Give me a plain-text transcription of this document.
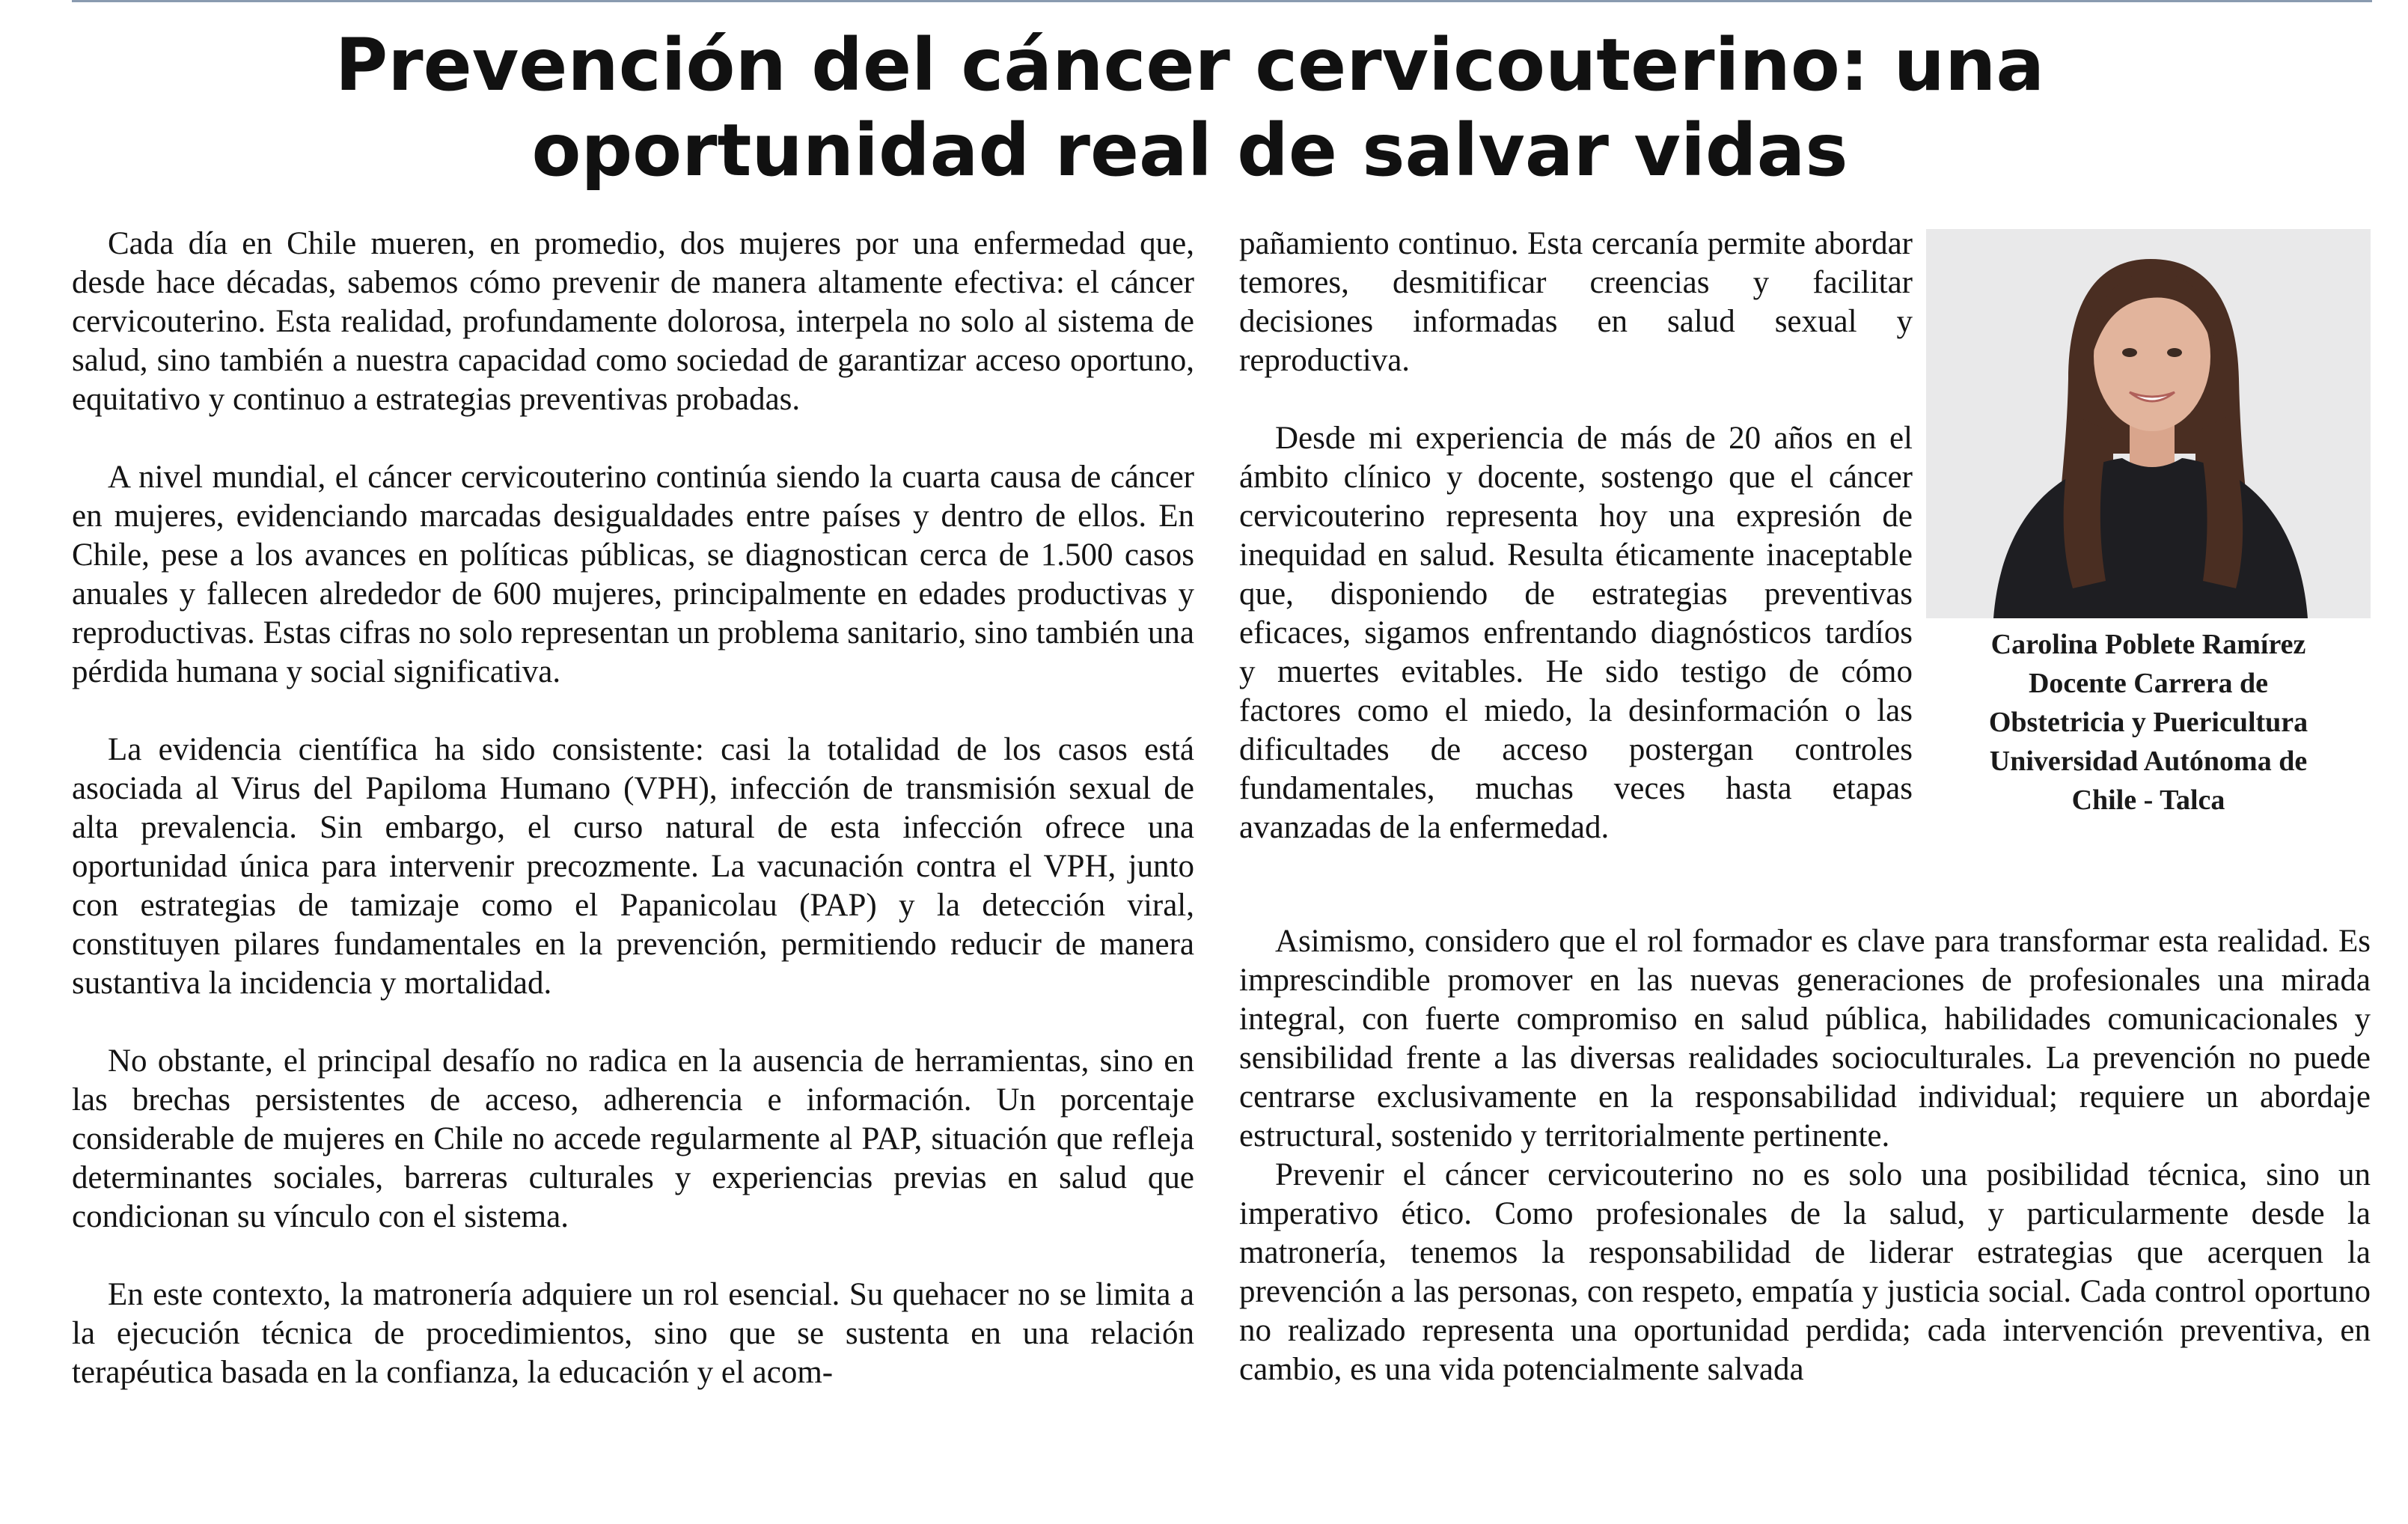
Prevención del cáncer cervicouterino: una
oportunidad real de salvar vidas

Cada día en Chile mueren, en promedio, dos mujeres por una enfermedad que, desde hace décadas, sabemos cómo prevenir de manera altamente efectiva: el cáncer cervicouterino. Esta realidad, profundamente dolorosa, interpela no solo al sistema de salud, sino también a nuestra capacidad como sociedad de garantizar acceso oportuno, equitativo y continuo a estrategias preventivas probadas.

A nivel mundial, el cáncer cervicouterino continúa siendo la cuarta causa de cáncer en mujeres, evidenciando marcadas desigualdades entre países y dentro de ellos. En Chile, pese a los avances en políticas públicas, se diagnostican cerca de 1.500 casos anuales y fallecen alrededor de 600 mujeres, principalmente en edades productivas y reproductivas. Estas cifras no solo representan un problema sanitario, sino también una pérdida humana y social significativa.

La evidencia científica ha sido consistente: casi la totalidad de los casos está asociada al Virus del Papiloma Humano (VPH), infección de transmisión sexual de alta prevalencia. Sin embargo, el curso natural de esta infección ofrece una oportunidad única para intervenir precozmente. La vacunación contra el VPH, junto con estrategias de tamizaje como el Papanicolau (PAP) y la detección viral, constituyen pilares fundamentales en la prevención, permitiendo reducir de manera sustantiva la incidencia y mortalidad.

No obstante, el principal desafío no radica en la ausencia de herramientas, sino en las brechas persistentes de acceso, adherencia e información. Un porcentaje considerable de mujeres en Chile no accede regularmente al PAP, situación que refleja determinantes sociales, barreras culturales y experiencias previas en salud que condicionan su vínculo con el sistema.

En este contexto, la matronería adquiere un rol esencial. Su quehacer no se limita a la ejecución técnica de procedimientos, sino que se sustenta en una relación terapéutica basada en la confianza, la educación y el acom-

pañamiento continuo. Esta cercanía permite abordar temores, desmitificar creencias y facilitar decisiones informadas en salud sexual y reproductiva.

Desde mi experiencia de más de 20 años en el ámbito clínico y docente, sostengo que el cáncer cervicouterino representa hoy una expresión de inequidad en salud. Resulta éticamente inaceptable que, disponiendo de estrategias preventivas eficaces, sigamos enfrentando diagnósticos tardíos y muertes evitables. He sido testigo de cómo factores como el miedo, la desinformación o las dificultades de acceso postergan controles fundamentales, muchas veces hasta etapas avanzadas de la enfermedad.

Carolina Poblete Ramírez
Docente Carrera de
Obstetricia y Puericultura
Universidad Autónoma de
Chile - Talca

Asimismo, considero que el rol formador es clave para transformar esta realidad. Es imprescindible promover en las nuevas generaciones de profesionales una mirada integral, con fuerte compromiso en salud pública, habilidades comunicacionales y sensibilidad frente a las diversas realidades socioculturales. La prevención no puede centrarse exclusivamente en la responsabilidad individual; requiere un abordaje estructural, sostenido y territorialmente pertinente.

Prevenir el cáncer cervicouterino no es solo una posibilidad técnica, sino un imperativo ético. Como profesionales de la salud, y particularmente desde la matronería, tenemos la responsabilidad de liderar estrategias que acerquen la prevención a las personas, con respeto, empatía y justicia social. Cada control oportuno no realizado representa una oportunidad perdida; cada intervención preventiva, en cambio, es una vida potencialmente salvada
